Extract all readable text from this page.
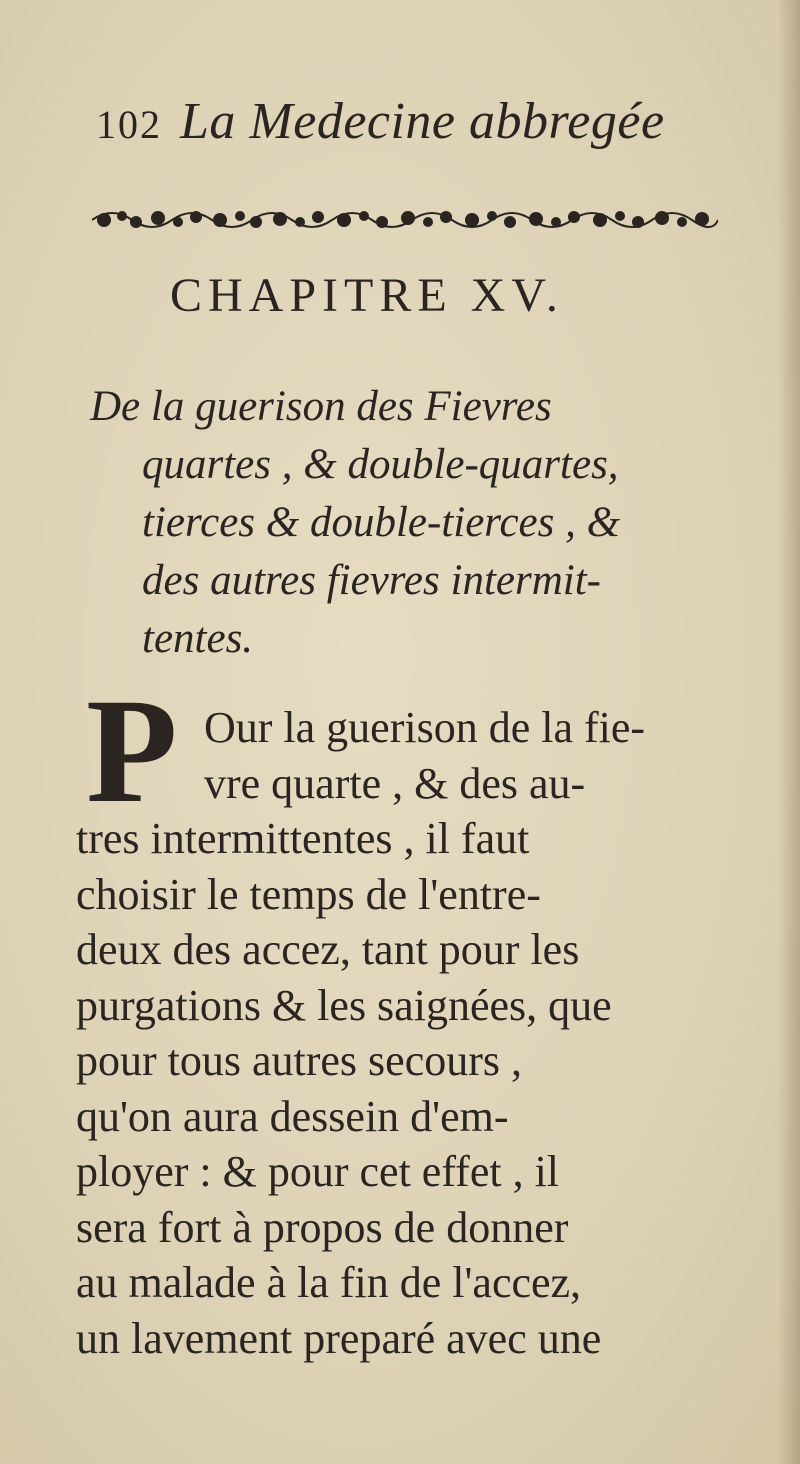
102 La Medecine abbregée
CHAPITRE XV.
De la guerison des Fievres
quartes , & double-quartes,
tierces & double-tierces , &
des autres fievres intermit-
tentes.
P Our la guerison de la fie-
vre quarte , & des au-
tres intermittentes , il faut
choisir le temps de l'entre-
deux des accez, tant pour les
purgations & les saignées, que
pour tous autres secours ,
qu'on aura dessein d'em-
ployer : & pour cet effet , il
sera fort à propos de donner
au malade à la fin de l'accez,
un lavement preparé avec une
